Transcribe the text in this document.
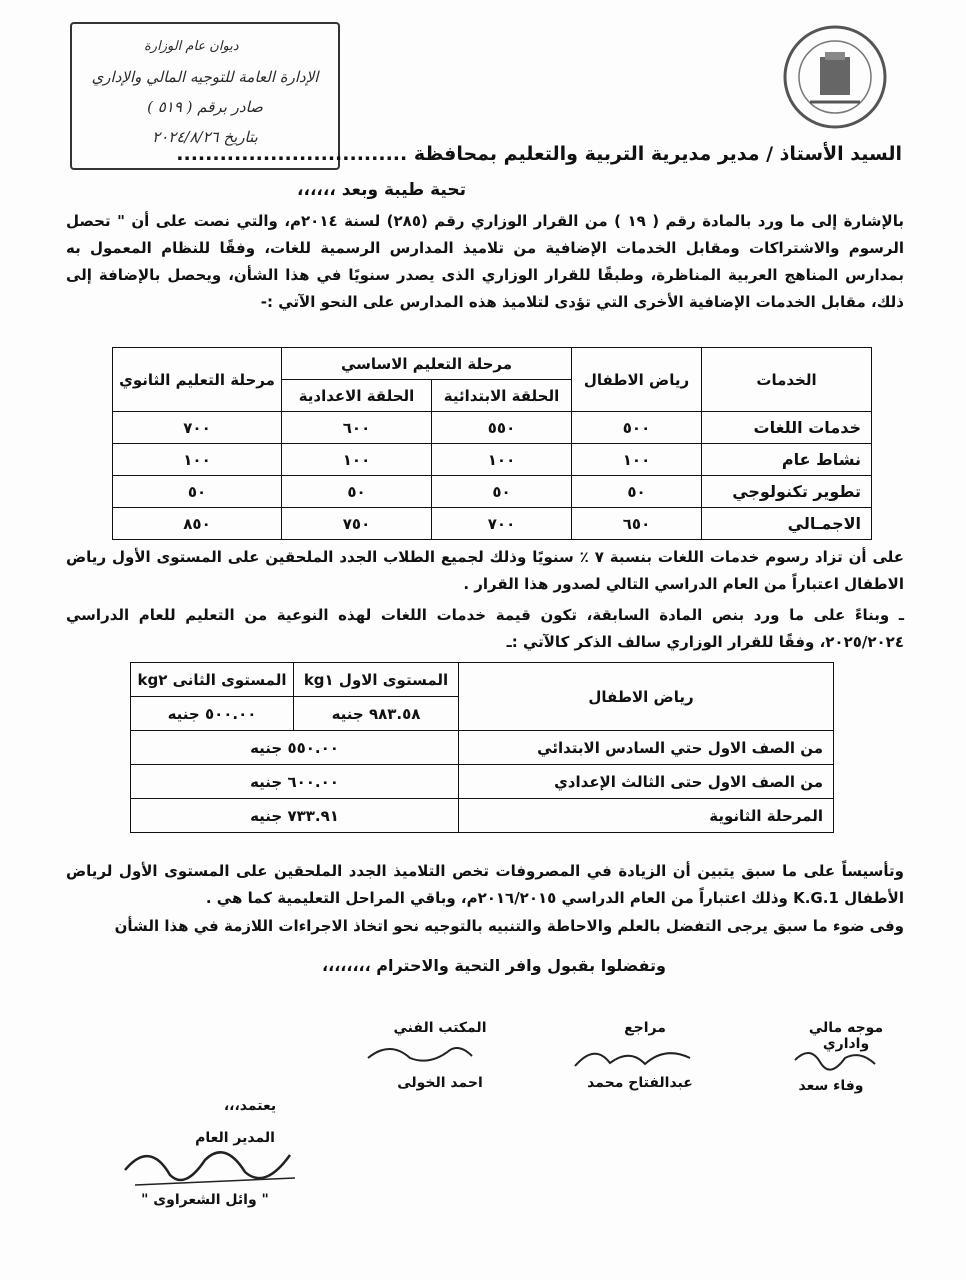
ديوان عام الوزارة
الإدارة العامة للتوجيه المالي والإداري
صادر برقم ( ٥١٩ )
بتاريخ ٢٠٢٤/٨/٢٦
السيد الأستاذ / مدير مديرية التربية والتعليم بمحافظة ................................
تحية طيبة وبعد ،،،،،،
بالإشارة إلى ما ورد بالمادة رقم ( ١٩ ) من القرار الوزاري رقم (٢٨٥) لسنة ٢٠١٤م، والتي نصت على أن " تحصل الرسوم والاشتراكات ومقابل الخدمات الإضافية من تلاميذ المدارس الرسمية للغات، وفقًا للنظام المعمول به بمدارس المناهج العربية المناظرة، وطبقًا للقرار الوزاري الذى يصدر سنويًا في هذا الشأن، ويحصل بالإضافة إلى ذلك، مقابل الخدمات الإضافية الأخرى التي تؤدى لتلاميذ هذه المدارس على النحو الآتي :-
الخدمات	رياض الاطفال	مرحلة التعليم الاساسي		مرحلة التعليم الثانوي
		الحلقة الابتدائية	الحلقة الاعدادية	
خدمات اللغات	٥٠٠	٥٥٠	٦٠٠	٧٠٠
نشاط عام	١٠٠	١٠٠	١٠٠	١٠٠
تطوير تكنولوجي	٥٠	٥٠	٥٠	٥٠
الاجمـالي	٦٥٠	٧٠٠	٧٥٠	٨٥٠
على أن تزاد رسوم خدمات اللغات بنسبة ٧ ٪ سنويًا وذلك لجميع الطلاب الجدد الملحقين على المستوى الأول رياض الاطفال اعتباراً من العام الدراسي التالي لصدور هذا القرار .
ـ وبناءً على ما ورد بنص المادة السابقة، تكون قيمة خدمات اللغات لهذه النوعية من التعليم للعام الدراسي ٢٠٢٥/٢٠٢٤، وفقًا للقرار الوزاري سالف الذكر كالآتي :ـ
رياض الاطفال	المستوى الاول kg١	المستوى الثانى kg٢
	٩٨٣.٥٨ جنيه	٥٠٠.٠٠ جنيه
من الصف الاول حتي السادس الابتدائي	٥٥٠.٠٠ جنيه	
من الصف الاول حتى الثالث الإعدادي	٦٠٠.٠٠ جنيه	
المرحلة الثانوية	٧٣٣.٩١ جنيه	
وتأسيساً على ما سبق يتبين أن الزيادة في المصروفات تخص التلاميذ الجدد الملحقين على المستوى الأول لرياض الأطفال K.G.1 وذلك اعتباراً من العام الدراسي ٢٠١٦/٢٠١٥م، وباقي المراحل التعليمية كما هي .
وفى ضوء ما سبق يرجى التفضل بالعلم والاحاطة والتنبيه بالتوجيه نحو اتخاذ الاجراءات اللازمة في هذا الشأن
وتفضلوا بقبول وافر التحية والاحترام ،،،،،،،،
موجه مالي واداري
وفاء سعد
مراجع
عبدالفتاح محمد
المكتب الفني
احمد الخولى
يعتمد،،،
المدير العام
" وائل الشعراوى "
